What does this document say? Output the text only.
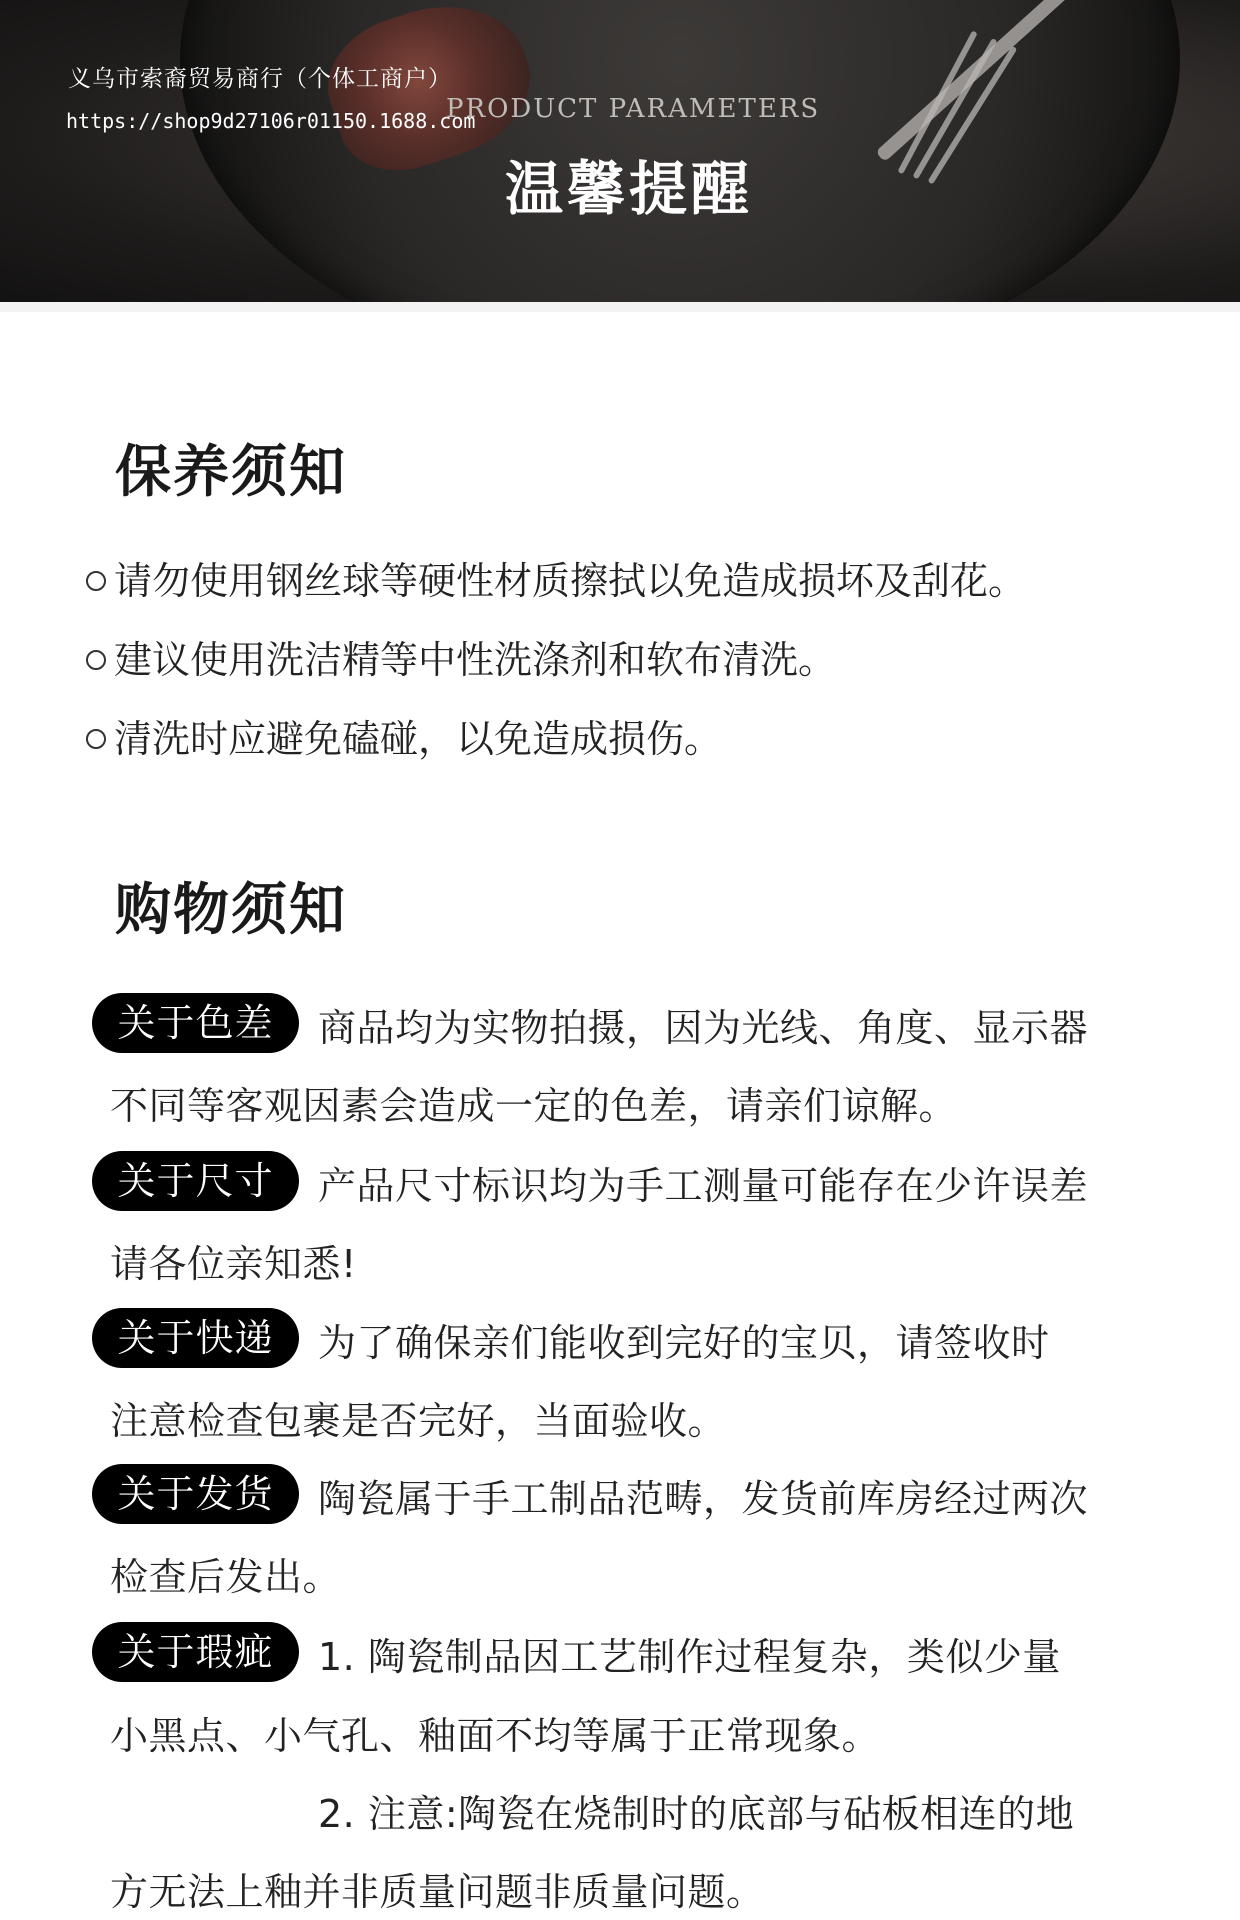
义乌市索裔贸易商行（个体工商户）
https://shop9d27106r01150.1688.com
PRODUCT PARAMETERS
温馨提醒
保养须知
请勿使用钢丝球等硬性材质擦拭以免造成损坏及刮花。
建议使用洗洁精等中性洗涤剂和软布清洗。
清洗时应避免磕碰，以免造成损伤。
购物须知
关于色差	商品均为实物拍摄，因为光线、角度、显示器
不同等客观因素会造成一定的色差，请亲们谅解。
关于尺寸	产品尺寸标识均为手工测量可能存在少许误差
请各位亲知悉!
关于快递	为了确保亲们能收到完好的宝贝，请签收时
注意检查包裹是否完好，当面验收。
关于发货	陶瓷属于手工制品范畴，发货前库房经过两次
检查后发出。
关于瑕疵	1. 陶瓷制品因工艺制作过程复杂，类似少量
小黑点、小气孔、釉面不均等属于正常现象。
2. 注意:陶瓷在烧制时的底部与砧板相连的地
方无法上釉并非质量问题非质量问题。
